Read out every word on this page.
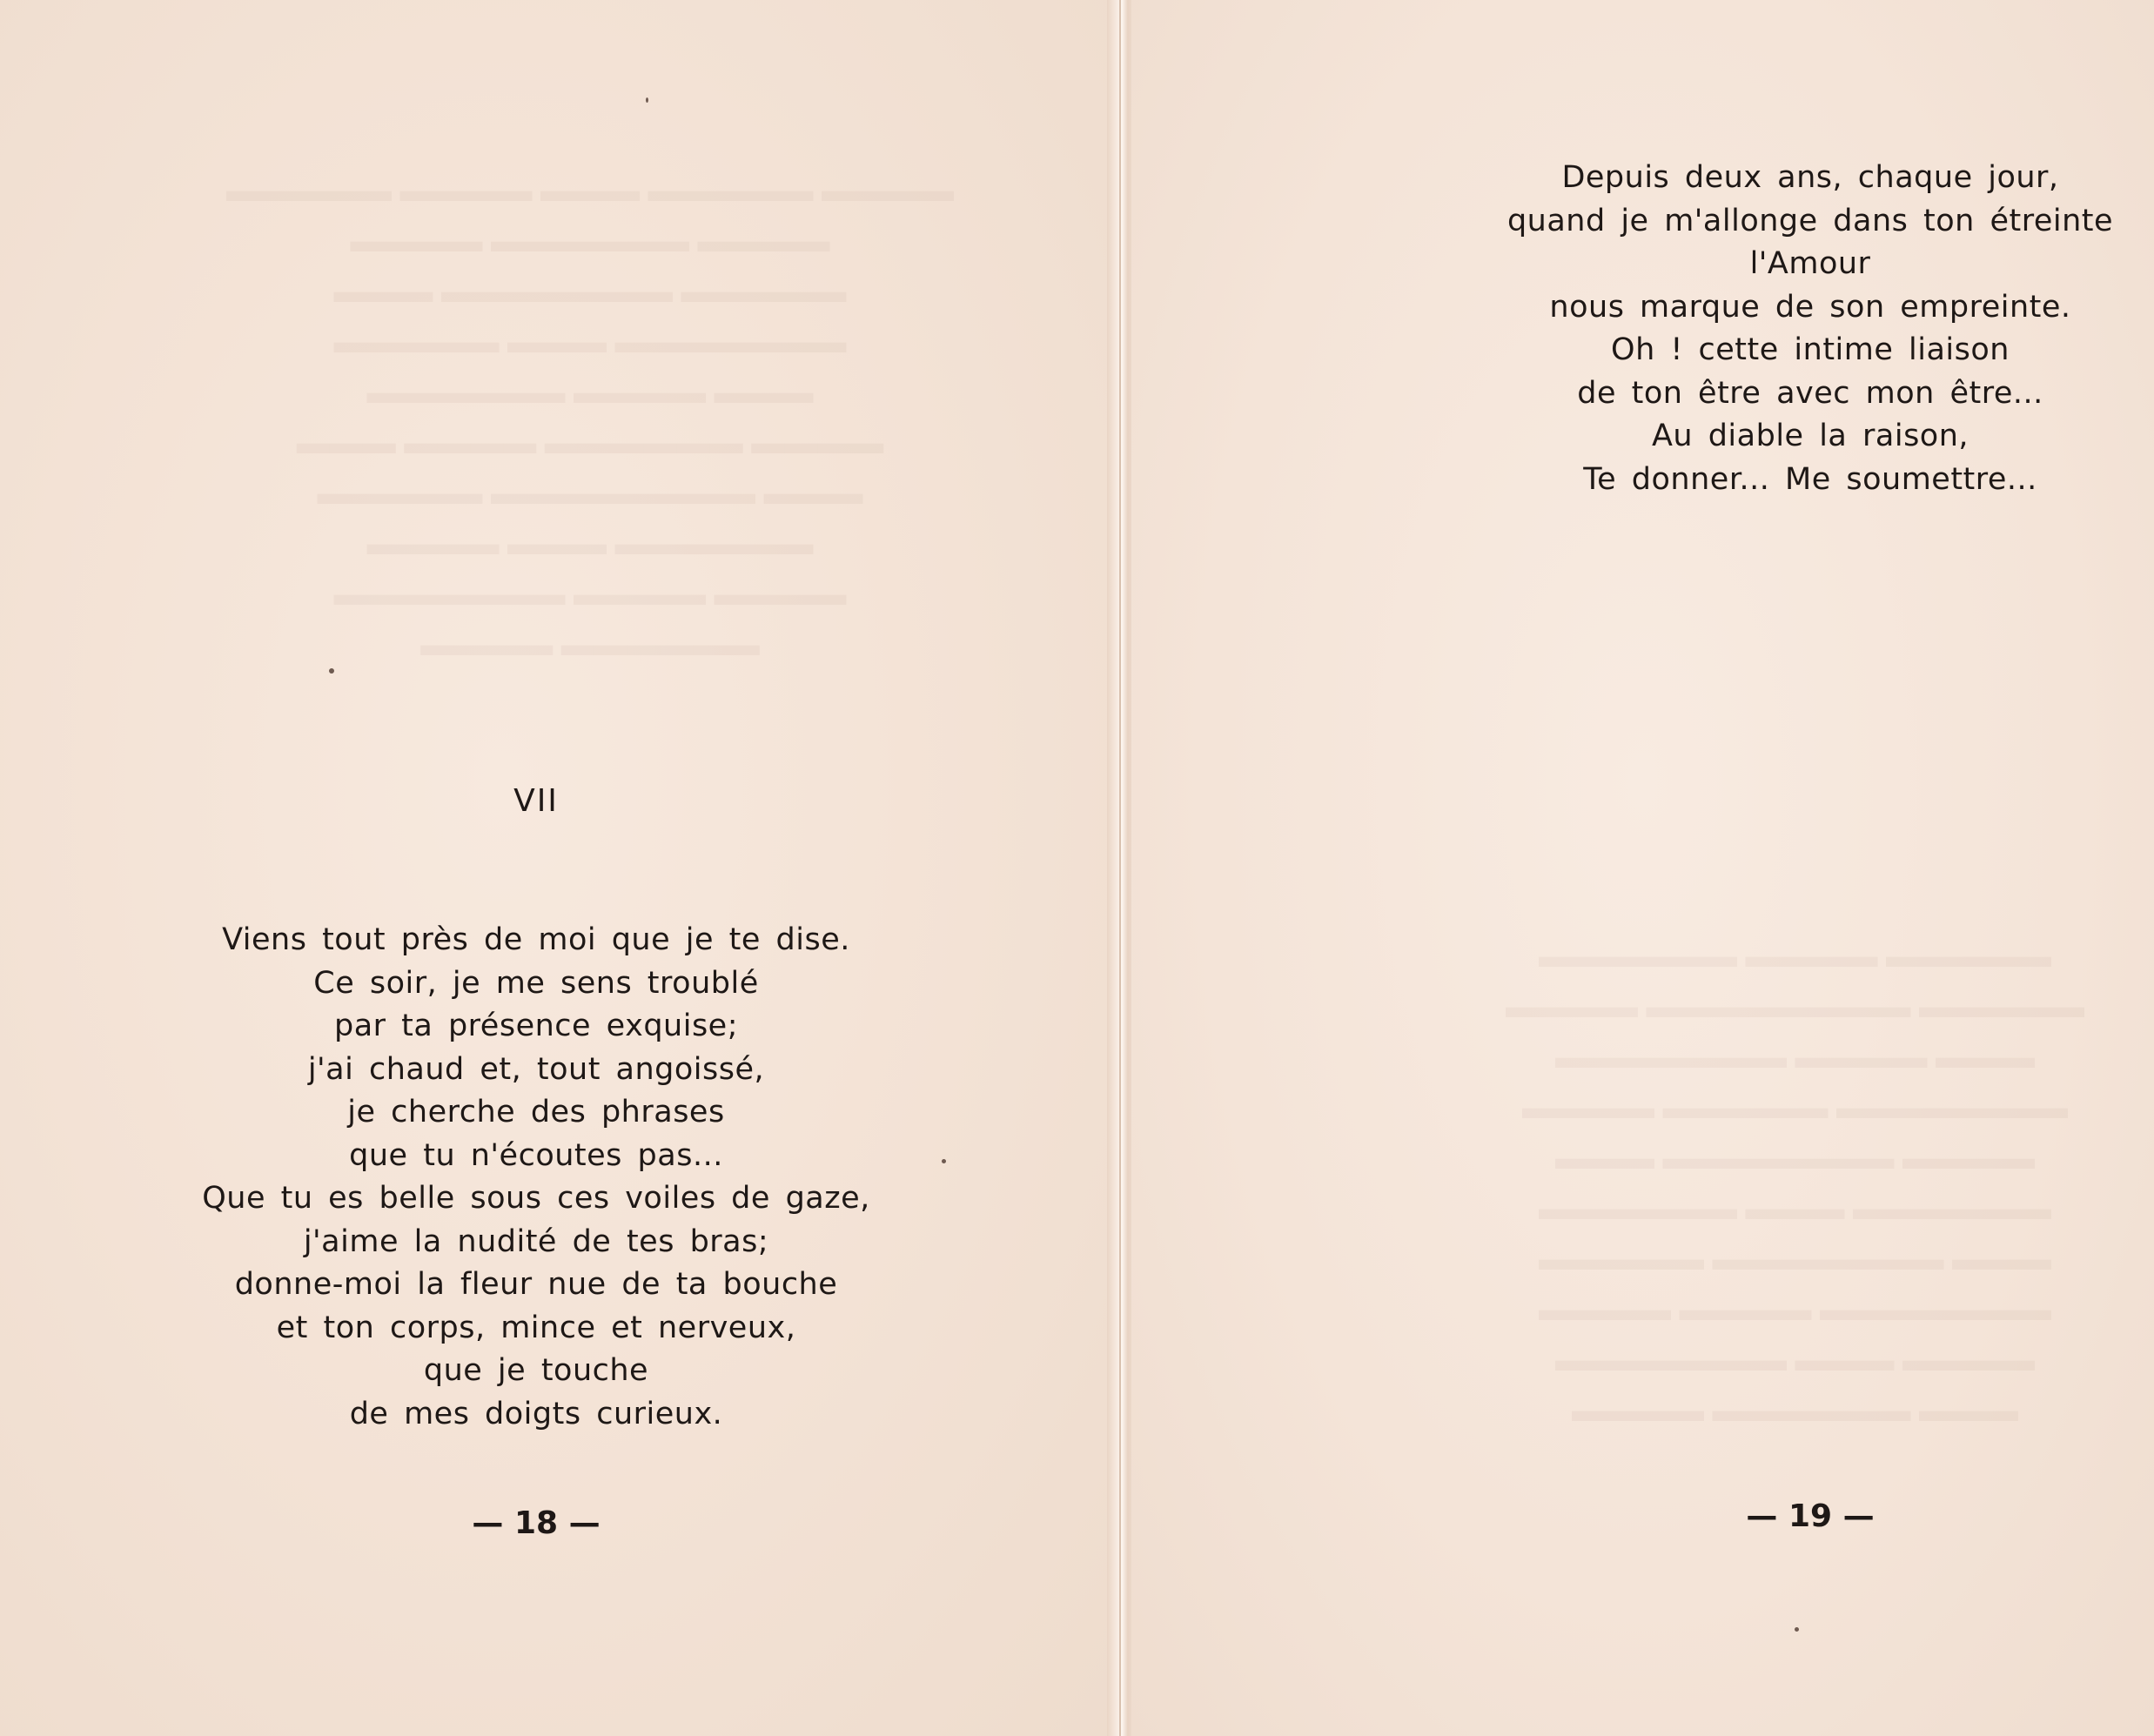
▬▬▬▬▬ ▬▬▬▬ ▬▬▬ ▬▬▬▬▬ ▬▬▬▬
▬▬▬▬ ▬▬▬▬▬▬ ▬▬▬▬
▬▬▬ ▬▬▬▬▬▬▬ ▬▬▬▬▬
▬▬▬▬▬ ▬▬▬ ▬▬▬▬▬▬▬
▬▬▬▬▬▬ ▬▬▬▬ ▬▬▬
▬▬▬ ▬▬▬▬ ▬▬▬▬▬▬ ▬▬▬▬
▬▬▬▬▬ ▬▬▬▬▬▬▬▬ ▬▬▬
▬▬▬▬ ▬▬▬ ▬▬▬▬▬▬
▬▬▬▬▬▬▬ ▬▬▬▬ ▬▬▬▬
▬▬▬▬ ▬▬▬▬▬▬
VII
Viens tout près de moi que je te dise.
Ce soir, je me sens troublé
par ta présence exquise;
j'ai chaud et, tout angoissé,
je cherche des phrases
que tu n'écoutes pas...
Que tu es belle sous ces voiles de gaze,
j'aime la nudité de tes bras;
donne-moi la fleur nue de ta bouche
et ton corps, mince et nerveux,
que je touche
de mes doigts curieux.
— 18 —
▬▬▬▬▬▬ ▬▬▬▬ ▬▬▬▬▬
▬▬▬▬ ▬▬▬▬▬▬▬▬ ▬▬▬▬▬
▬▬▬▬▬▬▬ ▬▬▬▬ ▬▬▬
▬▬▬▬ ▬▬▬▬▬ ▬▬▬▬▬▬▬
▬▬▬ ▬▬▬▬▬▬▬ ▬▬▬▬
▬▬▬▬▬▬ ▬▬▬ ▬▬▬▬▬▬
▬▬▬▬▬ ▬▬▬▬▬▬▬ ▬▬▬
▬▬▬▬ ▬▬▬▬ ▬▬▬▬▬▬▬
▬▬▬▬▬▬▬ ▬▬▬ ▬▬▬▬
▬▬▬▬ ▬▬▬▬▬▬ ▬▬▬
Depuis deux ans, chaque jour,
quand je m'allonge dans ton étreinte
l'Amour
nous marque de son empreinte.
Oh ! cette intime liaison
de ton être avec mon être...
Au diable la raison,
Te donner... Me soumettre...
— 19 —
